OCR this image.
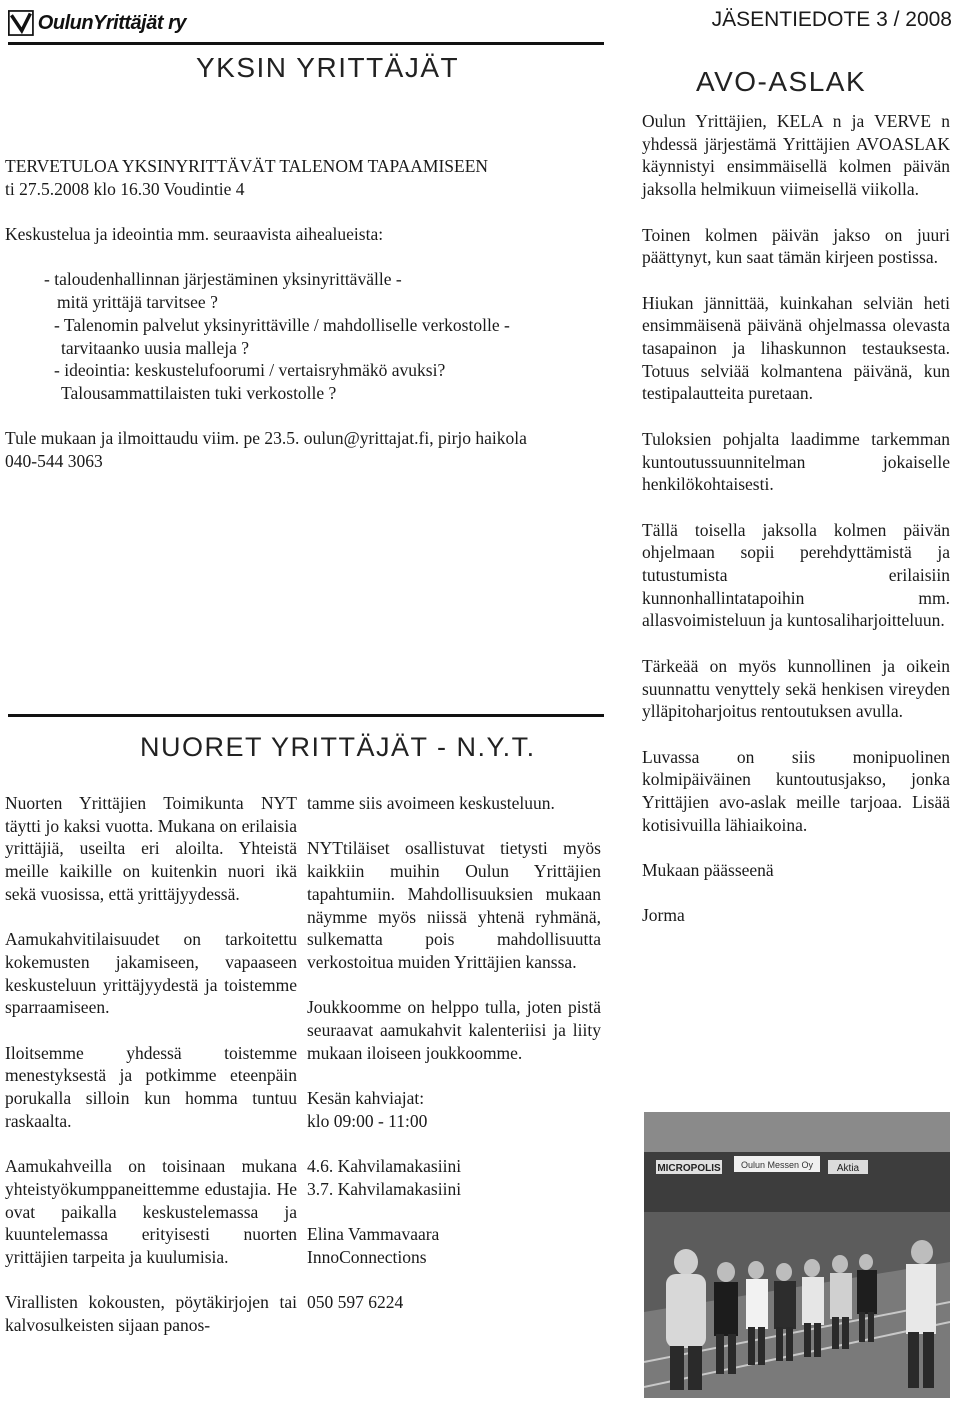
OulunYrittäjät ry	JÄSENTIEDOTE 3 / 2008
YKSIN YRITTÄJÄT

TERVETULOA YKSINYRITTÄVÄT TALENOM TAPAAMISEEN

ti 27.5.2008 klo 16.30 Voudintie 4

Keskustelua ja ideointia mm. seuraavista aihealueista:

- taloudenhallinnan järjestäminen yksinyrittävälle -

mitä yrittäjä tarvitsee ?

- Talenomin palvelut yksinyrittäville / mahdolliselle verkostolle -

tarvitaanko uusia malleja ?

- ideointia: keskustelufoorumi / vertaisryhmäkö avuksi?

Talousammattilaisten tuki verkostolle ?

Tule mukaan ja ilmoittaudu viim. pe 23.5. oulun@yrittajat.fi, pirjo haikola

040-544 3063

AVO-ASLAK

Oulun Yrittäjien, KELA n ja VERVE n yhdessä järjestämä Yrittäjien AVOASLAK käynnistyi ensimmäisellä kolmen päivän jaksolla helmikuun viimeisellä viikolla.

Toinen kolmen päivän jakso on juuri päättynyt, kun saat tämän kirjeen postissa.

Hiukan jännittää, kuinkahan selviän heti ensimmäisenä päivänä ohjelmassa olevasta tasapainon ja lihaskunnon testauksesta. Totuus selviää kolmantena päivänä, kun testipalautteita puretaan.

Tuloksien pohjalta laadimme tarkemman kuntoutussuunnitelman jokaiselle henkilökohtaisesti.

Tällä toisella jaksolla kolmen päivän ohjelmaan sopii perehdyttämistä ja tutustumista erilaisiin kunnonhallintatapoihin mm. allasvoimisteluun ja kuntosaliharjoitteluun.

Tärkeää on myös kunnollinen ja oikein suunnattu venyttely sekä henkisen vireyden ylläpitoharjoitus rentoutuksen avulla.

Luvassa on siis monipuolinen kolmipäiväinen kuntoutusjakso, jonka Yrittäjien avo-aslak meille tarjoaa. Lisää kotisivuilla lähiaikoina.

Mukaan päässeenä

Jorma

MICROPOLIS Oulun Messen Oy Aktia
NUORET YRITTÄJÄT - N.Y.T.

Nuorten Yrittäjien Toimikunta NYT täytti jo kaksi vuotta. Mukana on erilaisia yrittäjiä, useilta eri aloilta. Yhteistä meille kaikille on kuitenkin nuori ikä sekä vuosissa, että yrittäjyydessä.

Aamukahvitilaisuudet on tarkoitettu kokemusten jakamiseen, vapaaseen keskusteluun yrittäjyydestä ja toistemme sparraamiseen.

Iloitsemme yhdessä toistemme menestyksestä ja potkimme eteenpäin porukalla silloin kun homma tuntuu raskaalta.

Aamukahveilla on toisinaan mukana yhteistyökumppaneittemme edustajia. He ovat paikalla keskustelemassa ja kuuntelemassa erityisesti nuorten yrittäjien tarpeita ja kuulumisia.

Virallisten kokousten, pöytäkirjojen tai kalvosulkeisten sijaan panos-

tamme siis avoimeen keskusteluun.

NYTtiläiset osallistuvat tietysti myös kaikkiin muihin Oulun Yrittäjien tapahtumiin. Mahdollisuuksien mukaan näymme myös niissä yhtenä ryhmänä, sulkematta pois mahdollisuutta verkostoitua muiden Yrittäjien kanssa.

Joukkoomme on helppo tulla, joten pistä seuraavat aamukahvit kalenteriisi ja liity mukaan iloiseen joukkoomme.

Kesän kahviajat:
klo 09:00 - 11:00

4.6. Kahvilamakasiini
3.7. Kahvilamakasiini

Elina Vammavaara
InnoConnections

050 597 6224
